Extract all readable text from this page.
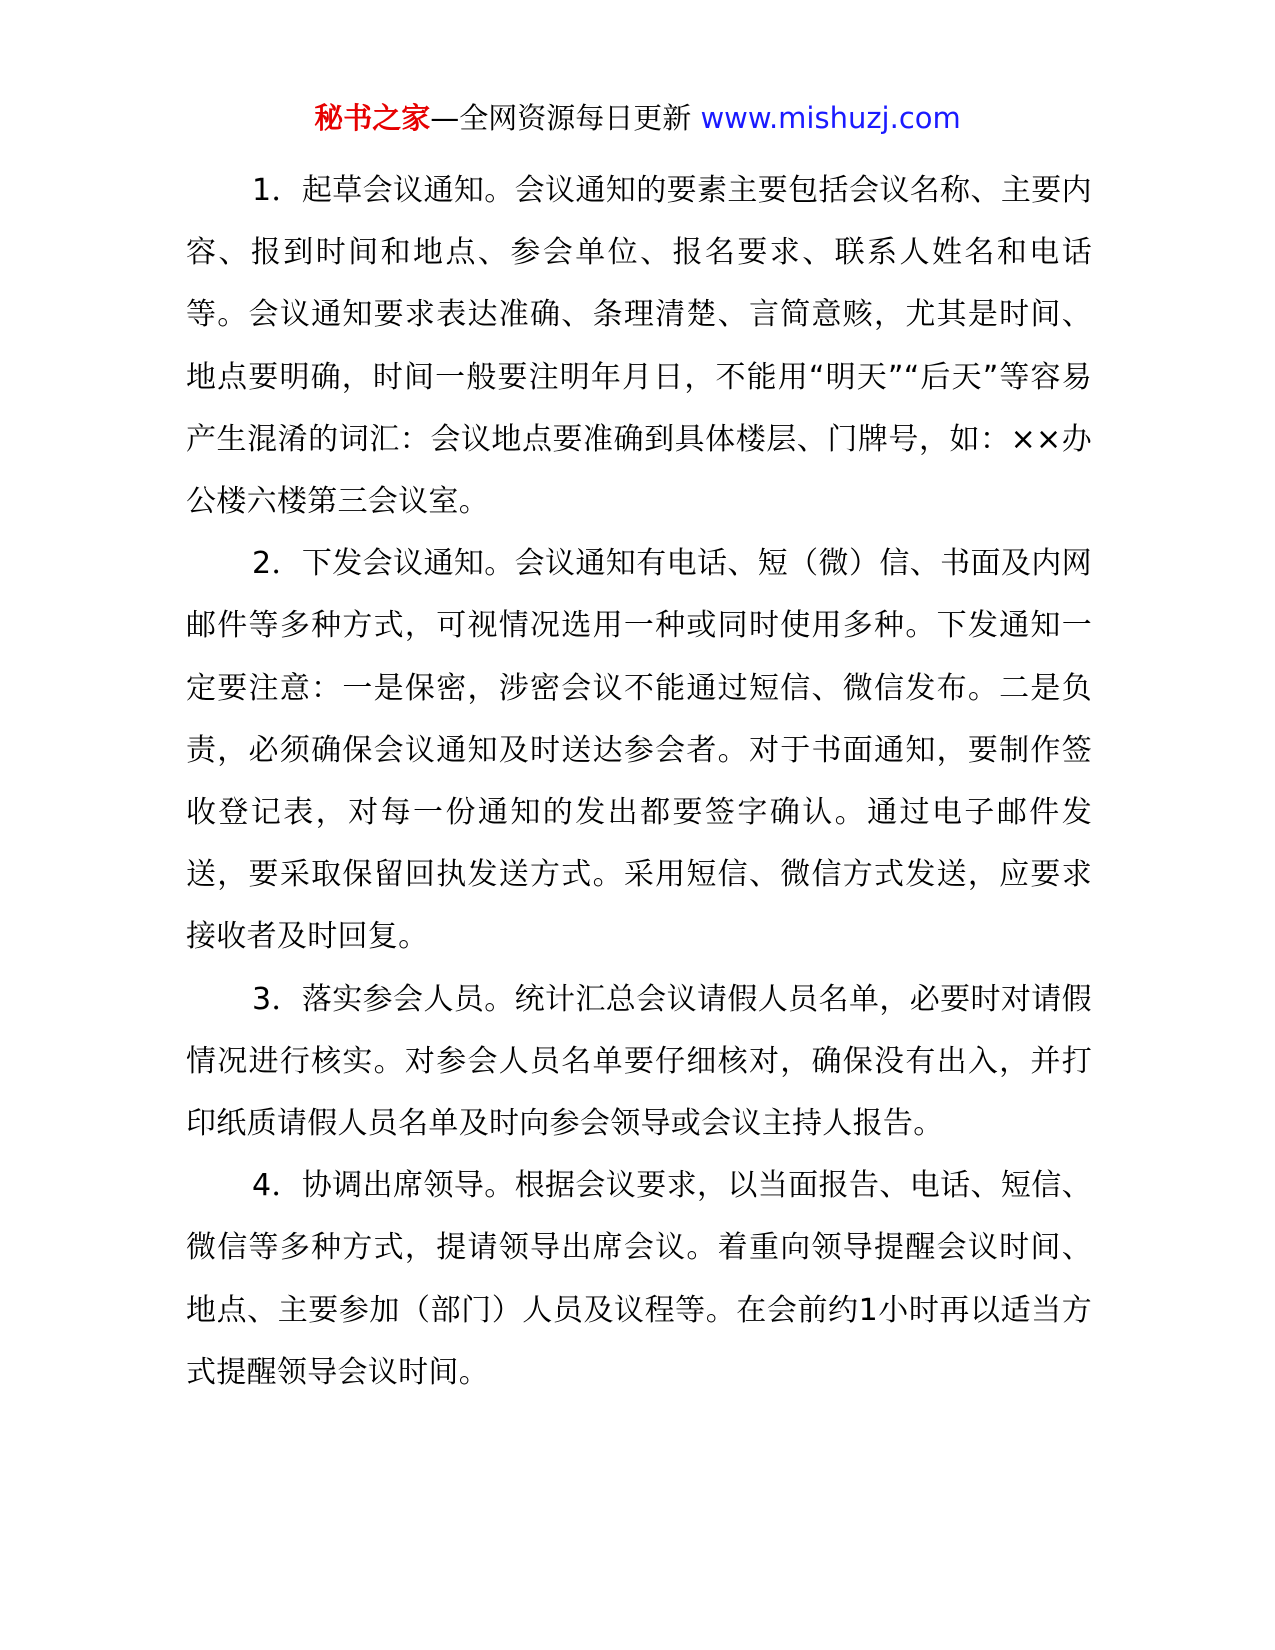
秘书之家—全网资源每日更新 www.mishuzj.com

1．起草会议通知。会议通知的要素主要包括会议名称、主要内容、报到时间和地点、参会单位、报名要求、联系人姓名和电话等。会议通知要求表达准确、条理清楚、言简意赅，尤其是时间、地点要明确，时间一般要注明年月日，不能用“明天”“后天”等容易产生混淆的词汇：会议地点要准确到具体楼层、门牌号，如：××办公楼六楼第三会议室。

2．下发会议通知。会议通知有电话、短（微）信、书面及内网邮件等多种方式，可视情况选用一种或同时使用多种。下发通知一定要注意：一是保密，涉密会议不能通过短信、微信发布。二是负责，必须确保会议通知及时送达参会者。对于书面通知，要制作签收登记表，对每一份通知的发出都要签字确认。通过电子邮件发送，要采取保留回执发送方式。采用短信、微信方式发送，应要求接收者及时回复。

3．落实参会人员。统计汇总会议请假人员名单，必要时对请假情况进行核实。对参会人员名单要仔细核对，确保没有出入，并打印纸质请假人员名单及时向参会领导或会议主持人报告。

4．协调出席领导。根据会议要求，以当面报告、电话、短信、微信等多种方式，提请领导出席会议。着重向领导提醒会议时间、地点、主要参加（部门）人员及议程等。在会前约1小时再以适当方式提醒领导会议时间。
